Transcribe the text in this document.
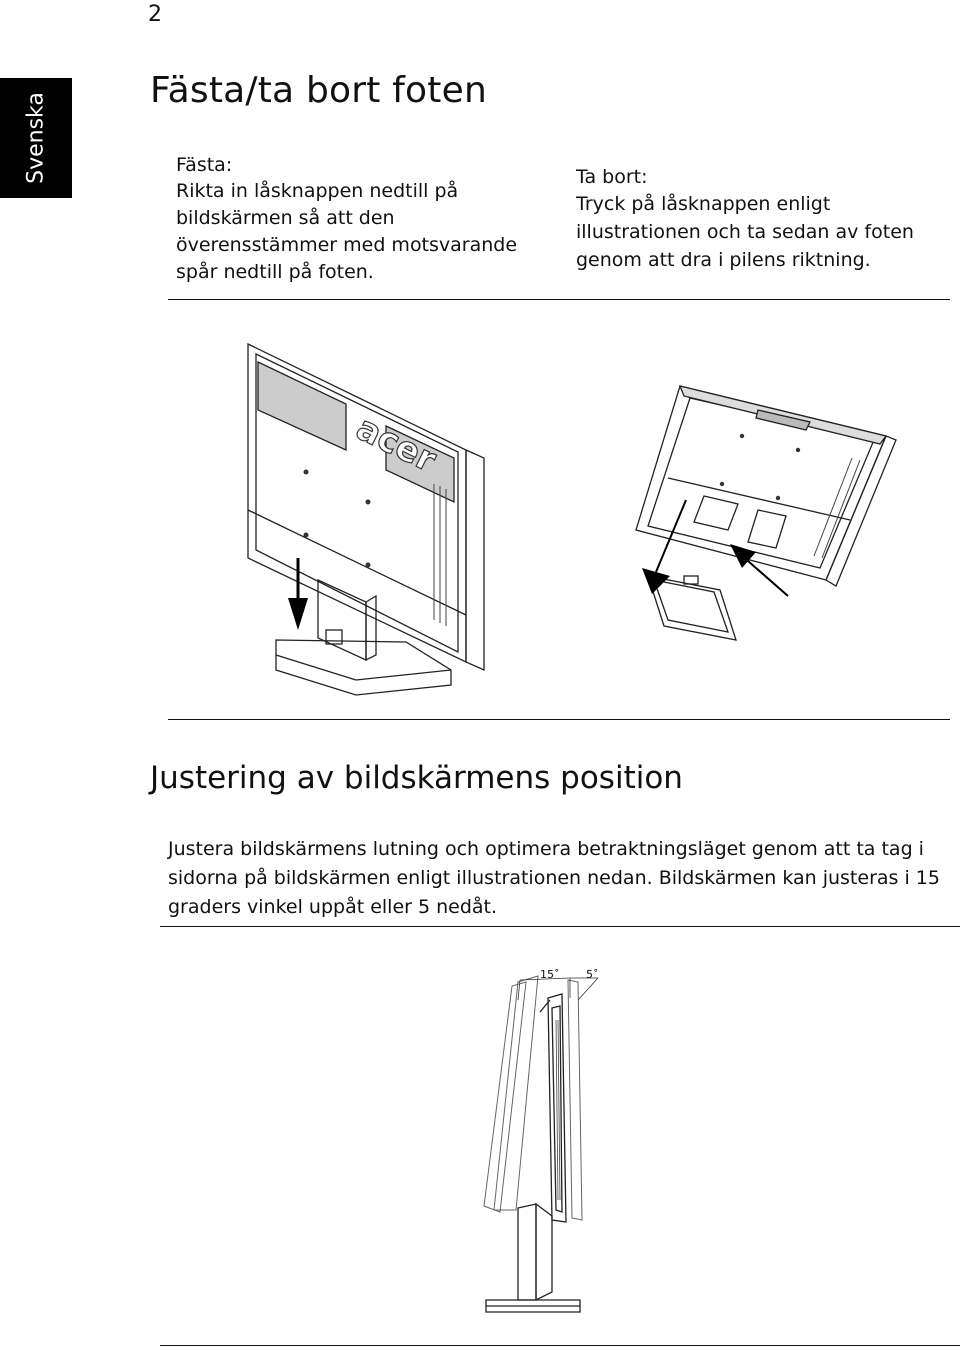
2
Svenska
Fästa/ta bort foten

Fästa:

Rikta in låsknappen nedtill på bildskärmen så att den överensstämmer med motsvarande spår nedtill på foten.

Ta bort:

Tryck på låsknappen enligt illustrationen och ta sedan av foten genom att dra i pilens riktning.

acer
Justering av bildskärmens position

Justera bildskärmens lutning och optimera betraktningsläget genom att ta tag i sidorna på bildskärmen enligt illustrationen nedan. Bildskärmen kan justeras i 15 graders vinkel uppåt eller 5 nedåt.

15˚ 5˚
